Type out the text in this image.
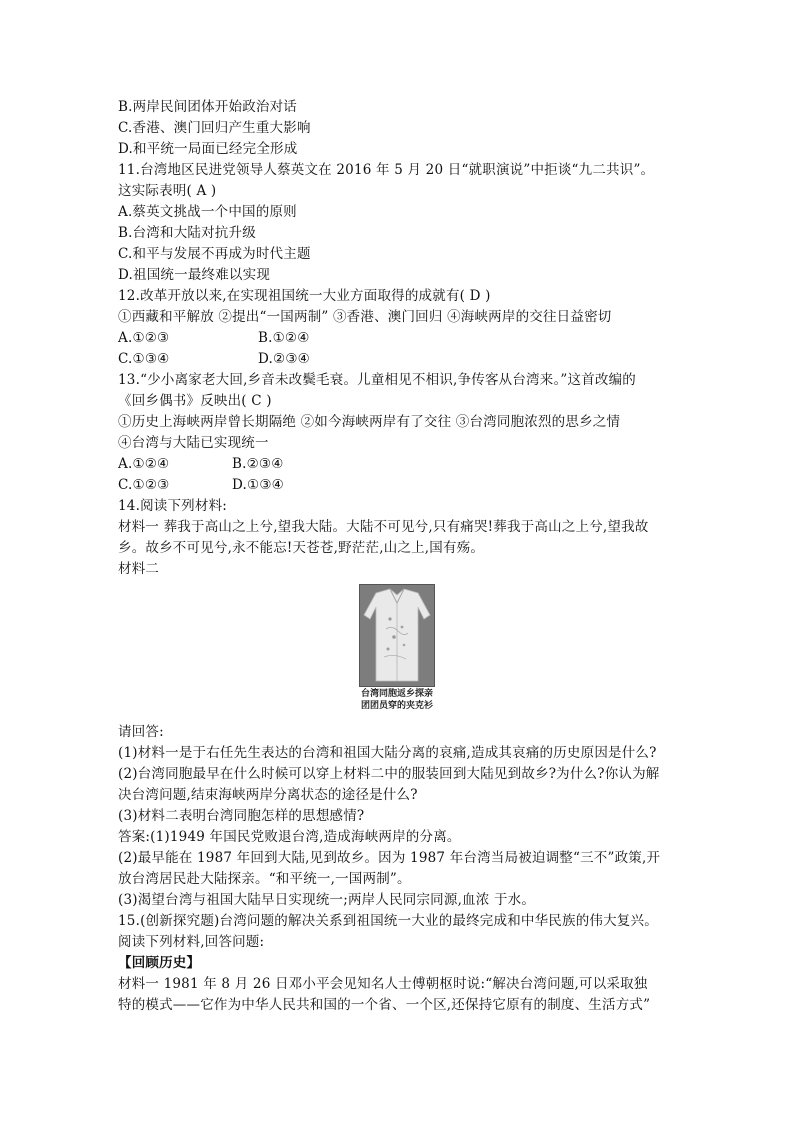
B.两岸民间团体开始政治对话
C.香港、澳门回归产生重大影响
D.和平统一局面已经完全形成
11.台湾地区民进党领导人蔡英文在 2016 年 5 月 20 日“就职演说”中拒谈“九二共识”。
这实际表明( A )
A.蔡英文挑战一个中国的原则
B.台湾和大陆对抗升级
C.和平与发展不再成为时代主题
D.祖国统一最终难以实现
12.改革开放以来,在实现祖国统一大业方面取得的成就有( D )
①西藏和平解放 ②提出“一国两制” ③香港、澳门回归 ④海峡两岸的交往日益密切
A.①②③	B.①②④
C.①③④	D.②③④
13.“少小离家老大回,乡音未改鬓毛衰。儿童相见不相识,争传客从台湾来。”这首改编的
《回乡偶书》反映出( C )
①历史上海峡两岸曾长期隔绝 ②如今海峡两岸有了交往 ③台湾同胞浓烈的思乡之情
④台湾与大陆已实现统一
A.①②④	B.②③④
C.①②③	D.①③④
14.阅读下列材料:
材料一 葬我于高山之上兮,望我大陆。大陆不可见兮,只有痛哭!葬我于高山之上兮,望我故
乡。故乡不可见兮,永不能忘!天苍苍,野茫茫,山之上,国有殇。
材料二
台湾同胞返乡探亲
团团员穿的夹克衫
请回答:
(1)材料一是于右任先生表达的台湾和祖国大陆分离的哀痛,造成其哀痛的历史原因是什么?
(2)台湾同胞最早在什么时候可以穿上材料二中的服装回到大陆见到故乡?为什么?你认为解
决台湾问题,结束海峡两岸分离状态的途径是什么?
(3)材料二表明台湾同胞怎样的思想感情?
答案:(1)1949 年国民党败退台湾,造成海峡两岸的分离。
(2)最早能在 1987 年回到大陆,见到故乡。因为 1987 年台湾当局被迫调整“三不”政策,开
放台湾居民赴大陆探亲。“和平统一,一国两制”。
(3)渴望台湾与祖国大陆早日实现统一;两岸人民同宗同源,血浓 于水。
15.(创新探究题)台湾问题的解决关系到祖国统一大业的最终完成和中华民族的伟大复兴。
阅读下列材料,回答问题:
【回顾历史】
材料一 1981 年 8 月 26 日邓小平会见知名人士傅朝枢时说:“解决台湾问题,可以采取独
特的模式——它作为中华人民共和国的一个省、一个区,还保持它原有的制度、生活方式”
